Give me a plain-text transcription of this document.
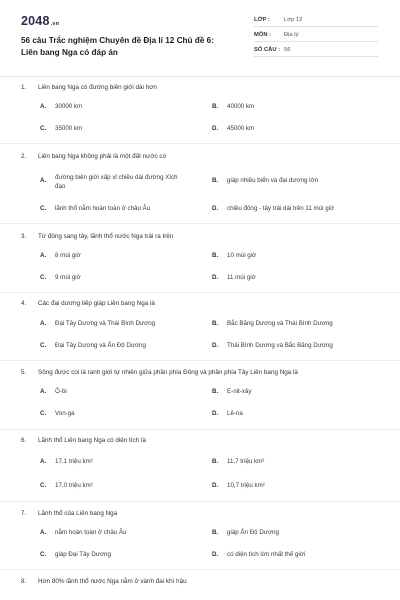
2048.vn
56 câu Trắc nghiệm Chuyên đề Địa lí 12 Chủ đề 6: Liên bang Nga có đáp án
LỚP : Lớp 12
MÔN : Địa lý
SỐ CÂU : 56
1. Liên bang Nga có đường biên giới dài hơn
A. 30000 km	B. 40000 km
C. 35000 km	D. 45000 km
2. Liên bang Nga không phải là một đất nước có
A. đường biên giới xấp xỉ chiều dài đường Xích đạo
B. giáp nhiều biển và đại dương lớn
C. lãnh thổ nằm hoàn toàn ở châu Âu	D. chiều đông - tây trải dài trên 11 múi giờ
3. Từ đông sang tây, lãnh thổ nước Nga trải ra trên
A. 8 múi giờ	B. 10 múi giờ
C. 9 múi giờ	D. 11 múi giờ
4. Các đại dương tiếp giáp Liên bang Nga là
A. Đại Tây Dương và Thái Bình Dương	B. Bắc Băng Dương và Thái Bình Dương
C. Đại Tây Dương và Ấn Độ Dương	D. Thái Bình Dương và Bắc Băng Dương
5. Sông được coi là ranh giới tự nhiên giữa phần phía Đông và phần phía Tây Liên bang Nga là
A. Ô-bi	B. E-nit-xây
C. Von-ga	D. Lê-na
6. Lãnh thổ Liên bang Nga có diện tích là
A. 17,1 triệu km²	B. 11,7 triệu km²
C. 17,0 triệu km²	D. 10,7 triệu km²
7. Lãnh thổ của Liên bang Nga
A. nằm hoàn toàn ở châu Âu	B. giáp Ấn Độ Dương
C. giáp Đại Tây Dương	D. có diện tích lớn nhất thế giới
8. Hơn 80% lãnh thổ nước Nga nằm ở vành đai khí hậu
